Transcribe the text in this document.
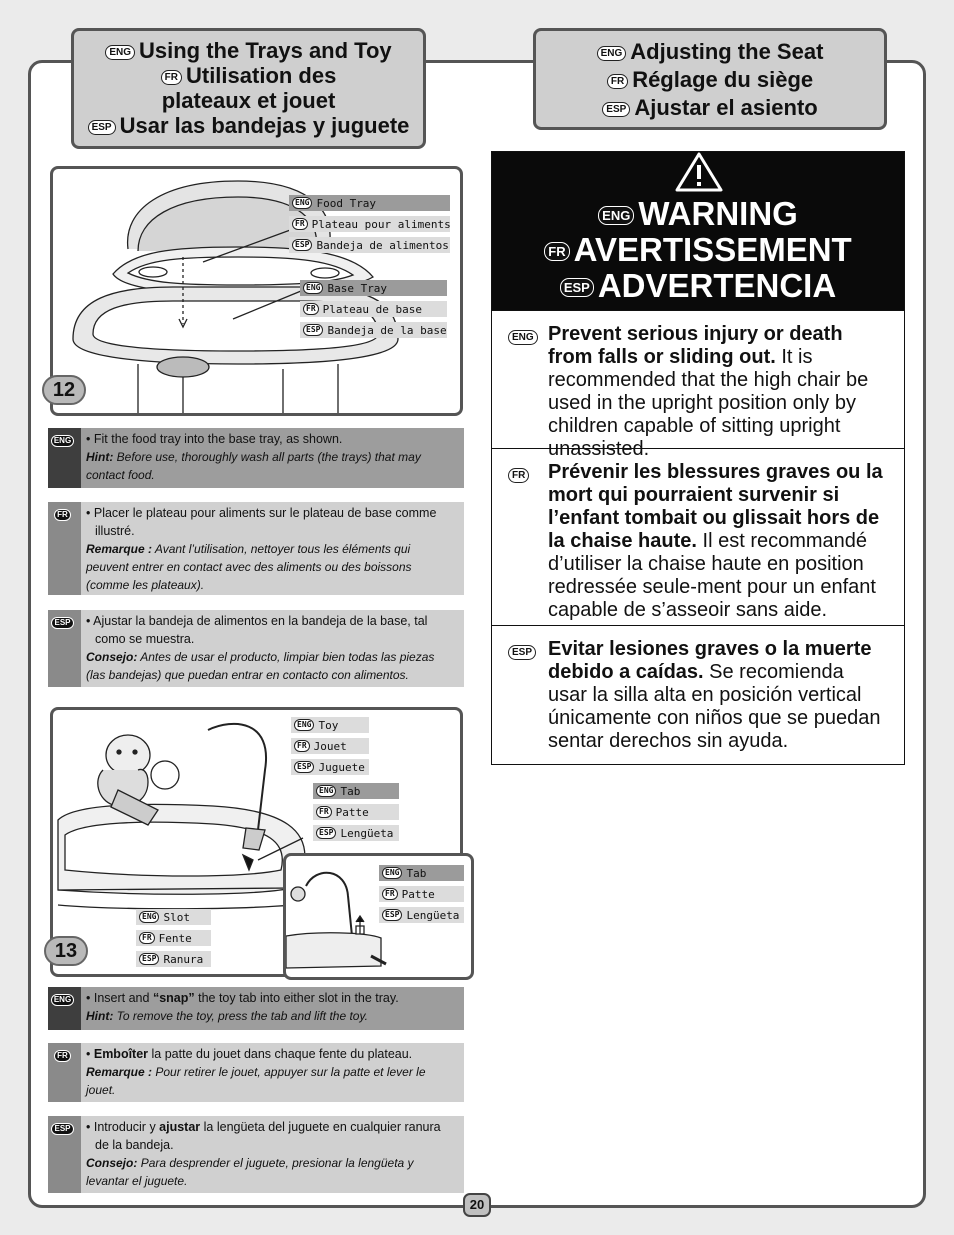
ENG Using the Trays and Toy
FR Utilisation des
plateaux et jouet
ESP Usar las bandejas y juguete
ENG Adjusting the Seat
FR Réglage du siège
ESP Ajustar el asiento
ENG Food Tray
FR Plateau pour aliments
ESP Bandeja de alimentos
ENG Base Tray
FR Plateau de base
ESP Bandeja de la base
12
ENG	• Fit the food tray into the base tray, as shown.
Hint: Before use, thoroughly wash all parts (the trays) that may contact food.
FR	• Placer le plateau pour aliments sur le plateau de base comme illustré.
Remarque : Avant l’utilisation, nettoyer tous les éléments qui peuvent entrer en contact avec des aliments ou des boissons (comme les plateaux).
ESP	• Ajustar la bandeja de alimentos en la bandeja de la base, tal como se muestra.
Consejo: Antes de usar el producto, limpiar bien todas las piezas (las bandejas) que puedan entrar en contacto con alimentos.
ENG Toy
FR Jouet
ESP Juguete
ENG Tab
FR Patte
ESP Lengüeta
ENG Slot
FR Fente
ESP Ranura
13
ENG Tab
FR Patte
ESP Lengüeta
ENG	• Insert and “snap” the toy tab into either slot in the tray.
Hint: To remove the toy, press the tab and lift the toy.
FR	• Emboîter la patte du jouet dans chaque fente du plateau.
Remarque : Pour retirer le jouet, appuyer sur la patte et lever le jouet.
ESP	• Introducir y ajustar la lengüeta del juguete en cualquier ranura de la bandeja.
Consejo: Para desprender el juguete, presionar la lengüeta y levantar el juguete.
ENG WARNING
FR AVERTISSEMENT
ESP ADVERTENCIA
ENG Prevent serious injury or death from falls or sliding out. It is recommended that the high chair be used in the upright position only by children capable of sitting upright unassisted.
FR	Prévenir les blessures graves ou la mort qui pourraient survenir si l’enfant tombait ou glissait hors de la chaise haute. Il est recommandé d’utiliser la chaise haute en position redressée seule-ment pour un enfant capable de s’asseoir sans aide.
ESP Evitar lesiones graves o la muerte debido a caídas. Se recomienda usar la silla alta en posición vertical únicamente con niños que se puedan sentar derechos sin ayuda.
20
